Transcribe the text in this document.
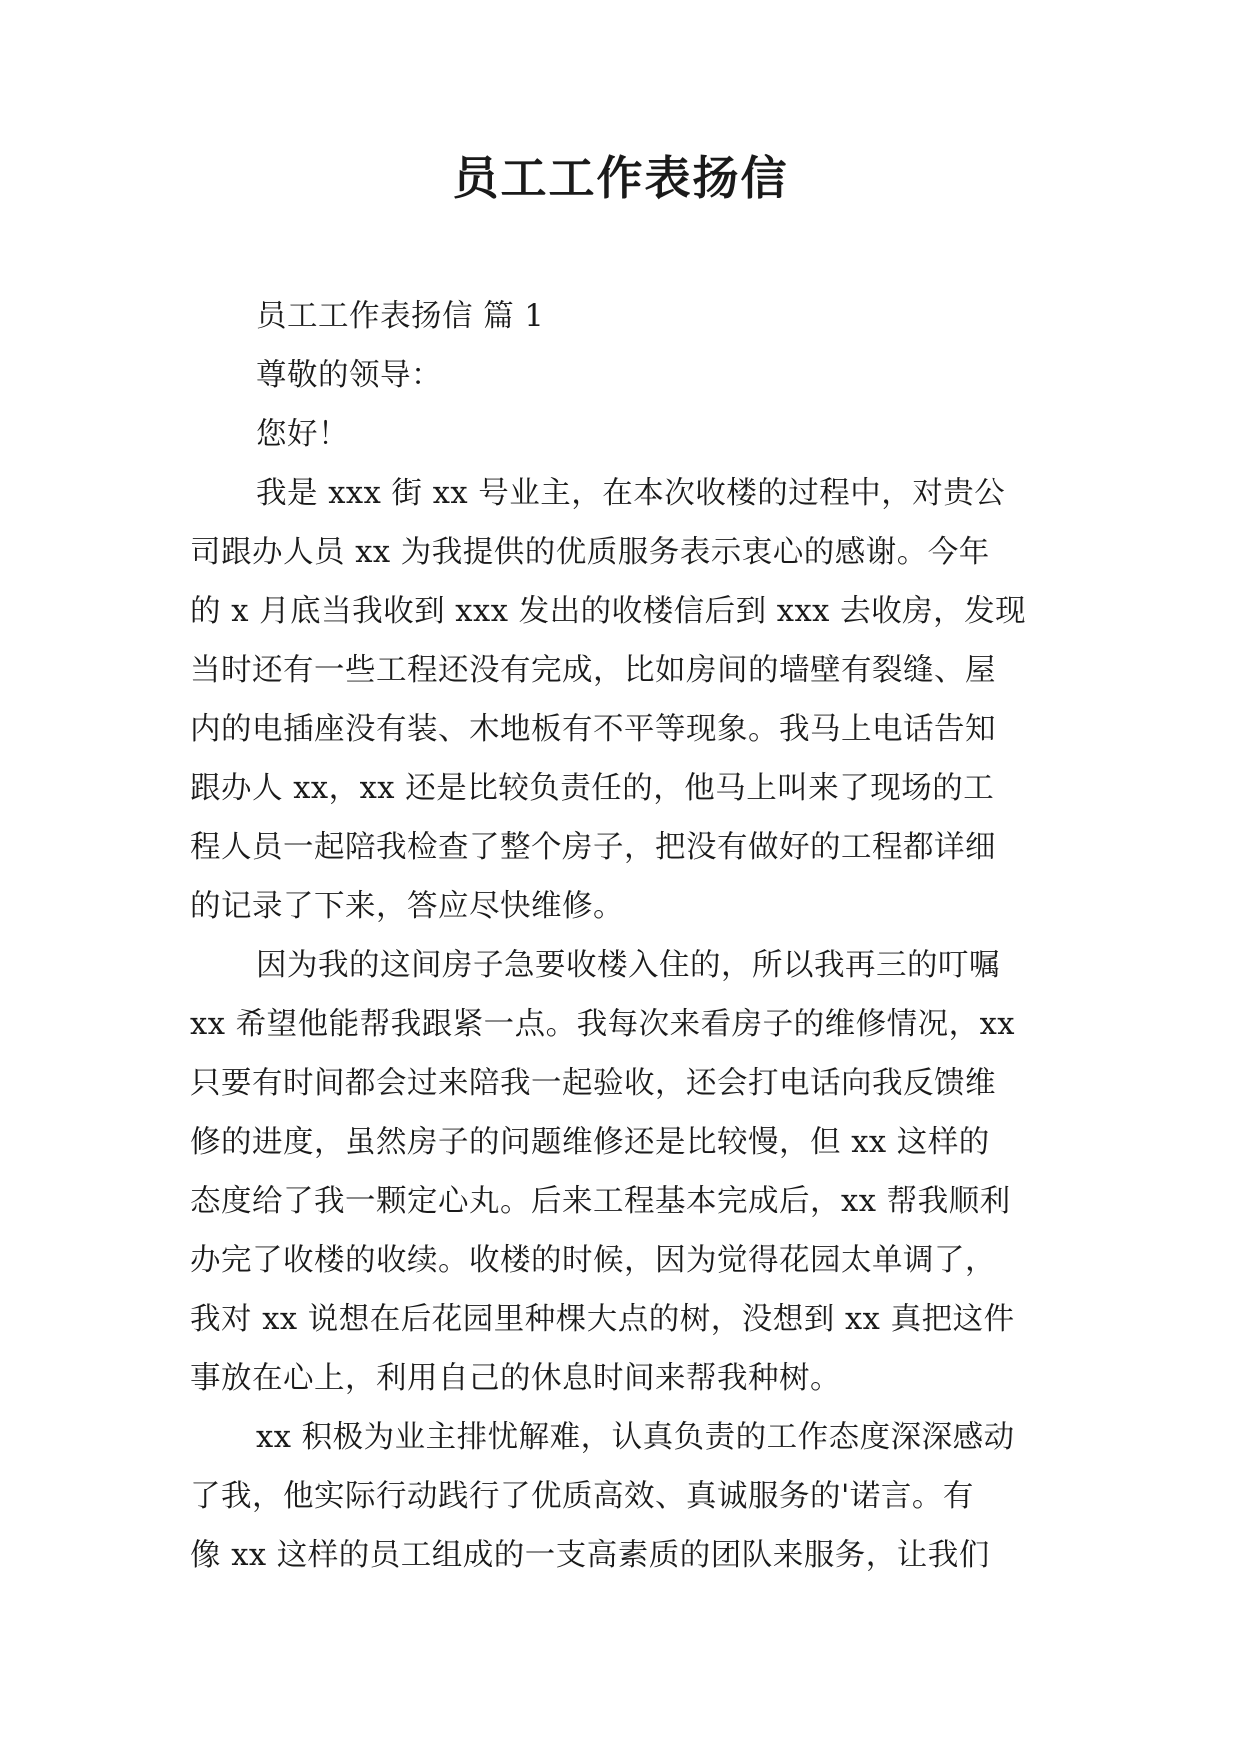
员工工作表扬信
员工工作表扬信 篇 1
尊敬的领导：
您好！
我是 xxx 街 xx 号业主，在本次收楼的过程中，对贵公
司跟办人员 xx 为我提供的优质服务表示衷心的感谢。今年
的 x 月底当我收到 xxx 发出的收楼信后到 xxx 去收房，发现
当时还有一些工程还没有完成，比如房间的墙壁有裂缝、屋
内的电插座没有装、木地板有不平等现象。我马上电话告知
跟办人 xx，xx 还是比较负责任的，他马上叫来了现场的工
程人员一起陪我检查了整个房子，把没有做好的工程都详细
的记录了下来，答应尽快维修。
因为我的这间房子急要收楼入住的，所以我再三的叮嘱
xx 希望他能帮我跟紧一点。我每次来看房子的维修情况，xx
只要有时间都会过来陪我一起验收，还会打电话向我反馈维
修的进度，虽然房子的问题维修还是比较慢，但 xx 这样的
态度给了我一颗定心丸。后来工程基本完成后，xx 帮我顺利
办完了收楼的收续。收楼的时候，因为觉得花园太单调了，
我对 xx 说想在后花园里种棵大点的树，没想到 xx 真把这件
事放在心上，利用自己的休息时间来帮我种树。
xx 积极为业主排忧解难，认真负责的工作态度深深感动
了我，他实际行动践行了优质高效、真诚服务的'诺言。有
像 xx 这样的员工组成的一支高素质的团队来服务，让我们
